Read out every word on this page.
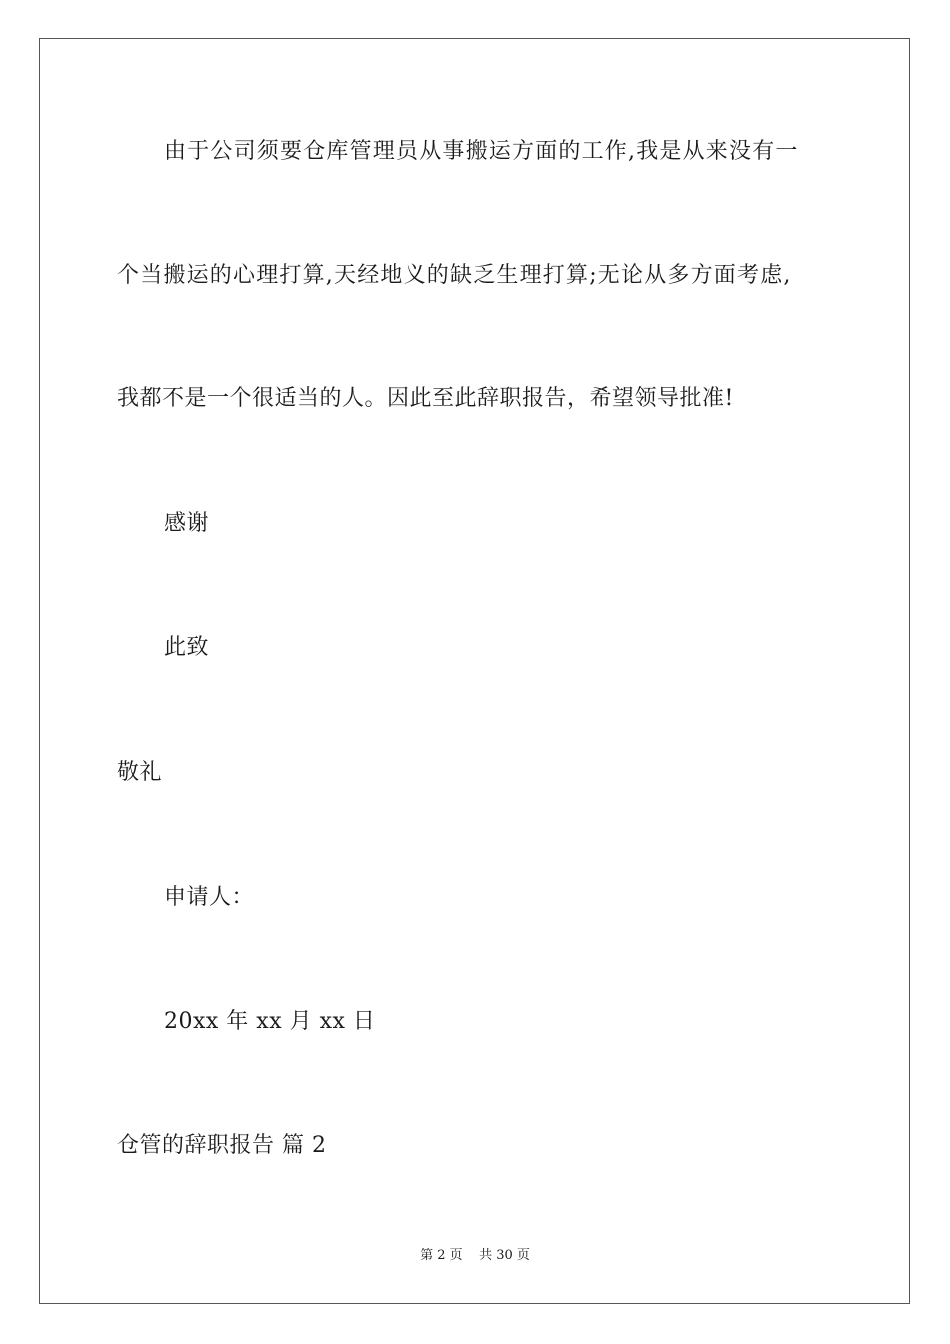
由于公司须要仓库管理员从事搬运方面的工作,我是从来没有一
个当搬运的心理打算,天经地义的缺乏生理打算;无论从多方面考虑,
我都不是一个很适当的人。因此至此辞职报告，希望领导批准!
感谢
此致
敬礼
申请人：
20xx 年 xx 月 xx 日
仓管的辞职报告 篇 2
第 2 页    共 30 页
